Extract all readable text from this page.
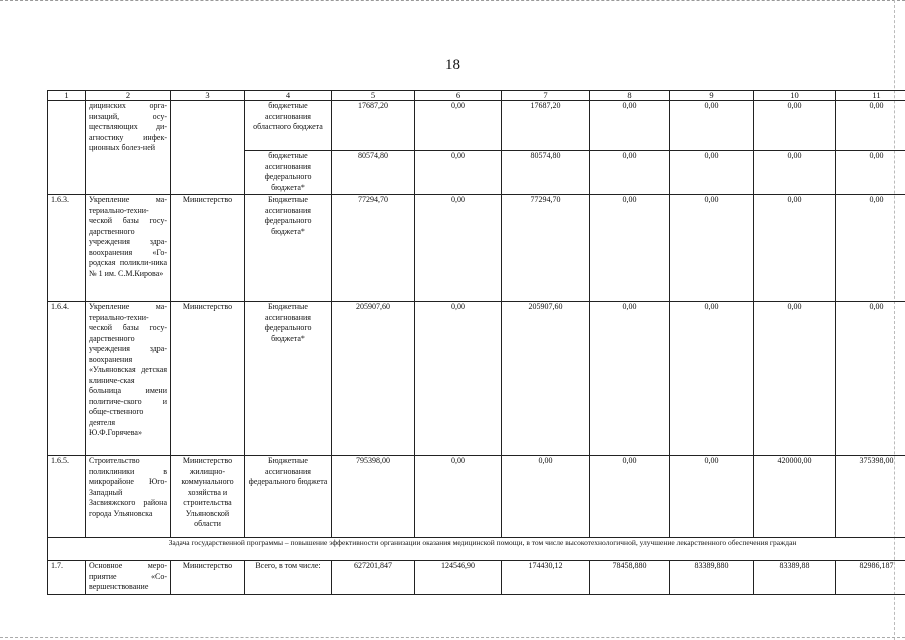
18
1	2	3	4	5	6	7	8	9	10	11
	дицинских орга-низаций, осу-ществляющих ди-агностику инфек-ционных болез-ней		бюджетные ассигнования областного бюджета	17687,20	0,00	17687,20	0,00	0,00	0,00	0,00
			бюджетные ассигнования федерального бюджета*	80574,80	0,00	80574,80	0,00	0,00	0,00	0,00
1.6.3.	Укрепление ма-териально-техни-ческой базы госу-дарственного учреждения здра-воохранения «Го-родская поликли-ника № 1 им. С.М.Кирова»	Министерство	Бюджетные ассигнования федерального бюджета*	77294,70	0,00	77294,70	0,00	0,00	0,00	0,00
1.6.4.	Укрепление ма-териально-техни-ческой базы госу-дарственного учреждения здра-воохранения «Ульяновская детская клиниче-ская больница имени политиче-ского и обще-ственного деятеля Ю.Ф.Горячева»	Министерство	Бюджетные ассигнования федерального бюджета*	205907,60	0,00	205907,60	0,00	0,00	0,00	0,00
1.6.5.	Строительство поликлиники в микрорайоне Юго-Западный Засвияжского района города Ульяновска	Министерство жилищно-коммунального хозяйства и строительства Ульяновской области	Бюджетные ассигнования федерального бюджета	795398,00	0,00	0,00	0,00	0,00	420000,00	375398,00
Задача государственной программы – повышение эффективности организации оказания медицинской помощи, в том числе высокотехнологичной, улучшение лекарственного обеспечения граждан										
1.7.	Основное меро-приятие «Со-вершенствование	Министерство	Всего, в том числе:	627201,847	124546,90	174430,12	78458,880	83389,880	83389,88	82986,187
